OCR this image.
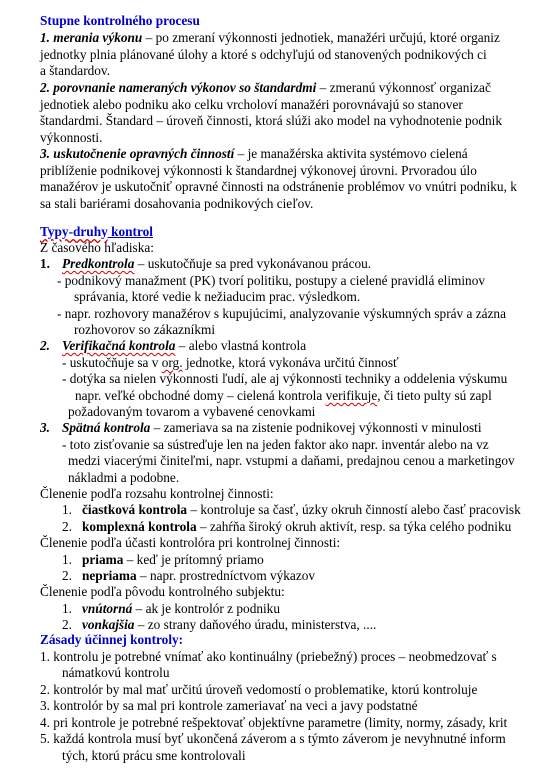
Stupne kontrolného procesu
1. merania výkonu – po zmeraní výkonnosti jednotiek, manažéri určujú, ktoré organiz
jednotky plnia plánované úlohy a ktoré s odchyľujú od stanovených podnikových ci
a štandardov.
2. porovnanie nameraných výkonov so štandardmi – zmeranú výkonnosť organizač
jednotiek alebo podniku ako celku vrcholoví manažéri porovnávajú so stanover
štandardmi. Štandard – úroveň činnosti, ktorá slúži ako model na vyhodnotenie podnik
výkonnosti.
3. uskutočnenie opravných činností – je manažérska aktivita systémovo cielená
priblíženie podnikovej výkonnosti k štandardnej výkonovej úrovni. Prvoradou úlo
manažérov je uskutočniť opravné činnosti na odstránenie problémov vo vnútri podniku, k
sa stali bariérami dosahovania podnikových cieľov.
Typy-druhy kontrol
Z časového hľadiska:
1. Predkontrola – uskutočňuje sa pred vykonávanou prácou.
- podnikový manažment (PK) tvorí politiku, postupy a cielené pravidlá eliminov
správania, ktoré vedie k nežiaducim prac. výsledkom.
- napr. rozhovory manažérov s kupujúcimi, analyzovanie výskumných správ a zázna
rozhovorov so zákazníkmi
2. Verifikačná kontrola – alebo vlastná kontrola
- uskutočňuje sa v org. jednotke, ktorá vykonáva určitú činnosť
- dotýka sa nielen výkonnosti ľudí, ale aj výkonnosti techniky a oddelenia výskumu
napr. veľké obchodné domy – cielená kontrola verifikuje, či tieto pulty sú zapl
požadovaným tovarom a vybavené cenovkami
3. Spätná kontrola – zameriava sa na zistenie podnikovej výkonnosti v minulosti
- toto zisťovanie sa sústreďuje len na jeden faktor ako napr. inventár alebo na vz
medzi viacerými činiteľmi, napr. vstupmi a daňami, predajnou cenou a marketingov
nákladmi a podobne.
Členenie podľa rozsahu kontrolnej činnosti:
1. čiastková kontrola – kontroluje sa časť, úzky okruh činností alebo časť pracovisk
2. komplexná kontrola – zahŕňa široký okruh aktivít, resp. sa týka celého podniku
Členenie podľa účasti kontrolóra pri kontrolnej činnosti:
1. priama – keď je prítomný priamo
2. nepriama – napr. prostredníctvom výkazov
Členenie podľa pôvodu kontrolného subjektu:
1. vnútorná – ak je kontrolór z podniku
2. vonkajšia – zo strany daňového úradu, ministerstva, ....
Zásady účinnej kontroly:
1. kontrolu je potrebné vnímať ako kontinuálny (priebežný) proces – neobmedzovať s
námatkovú kontrolu
2. kontrolór by mal mať určitú úroveň vedomostí o problematike, ktorú kontroluje
3. kontrolór by sa mal pri kontrole zameriavať na veci a javy podstatné
4. pri kontrole je potrebné rešpektovať objektívne parametre (limity, normy, zásady, krit
5. každá kontrola musí byť ukončená záverom a s týmto záverom je nevyhnutné inform
tých, ktorú prácu sme kontrolovali
